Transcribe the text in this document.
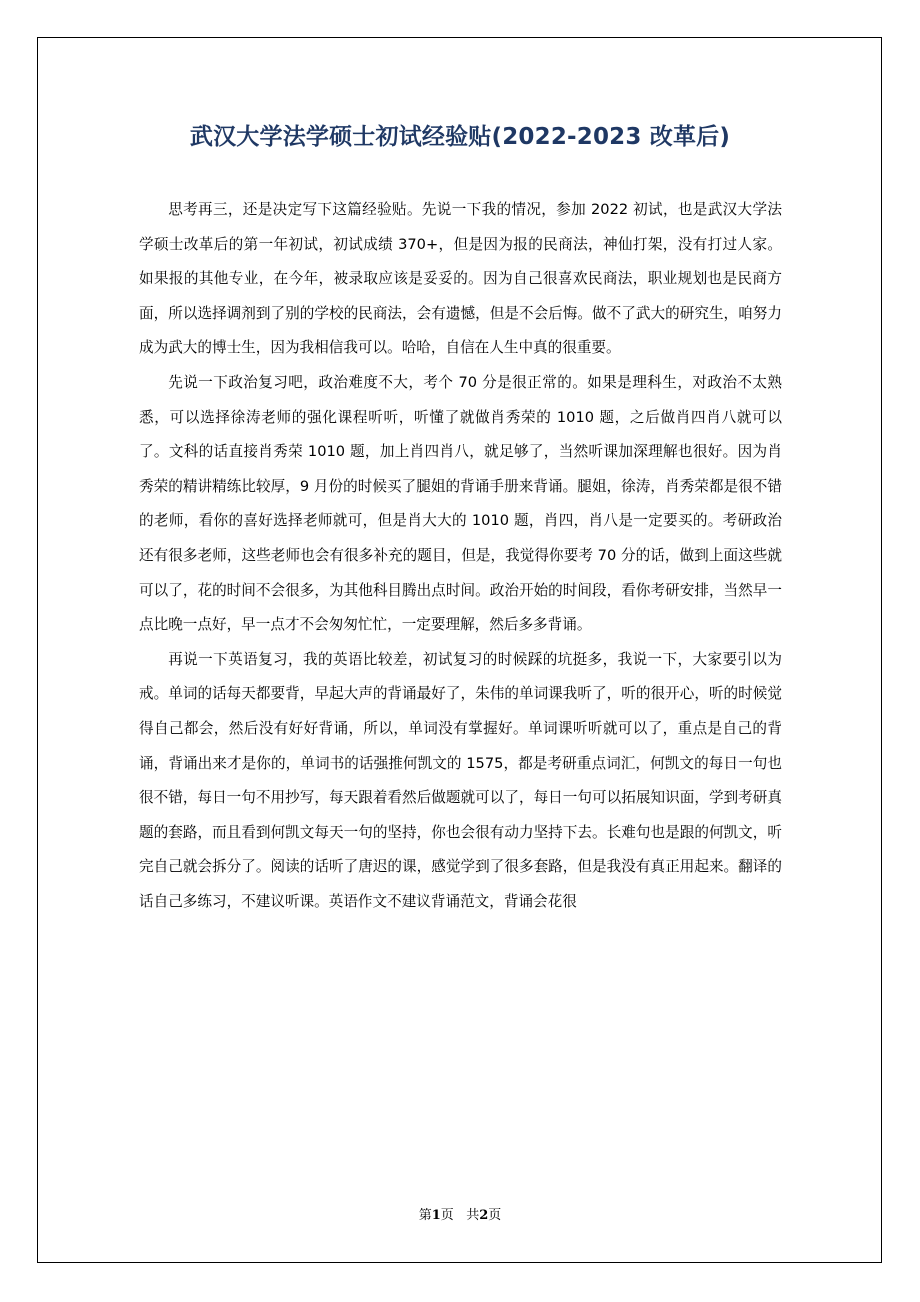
武汉大学法学硕士初试经验贴(2022-2023 改革后)

思考再三，还是决定写下这篇经验贴。先说一下我的情况，参加 2022 初试，也是武汉大学法学硕士改革后的第一年初试，初试成绩 370+，但是因为报的民商法，神仙打架，没有打过人家。如果报的其他专业，在今年，被录取应该是妥妥的。因为自己很喜欢民商法，职业规划也是民商方面，所以选择调剂到了别的学校的民商法，会有遗憾，但是不会后悔。做不了武大的研究生，咱努力成为武大的博士生，因为我相信我可以。哈哈，自信在人生中真的很重要。

先说一下政治复习吧，政治难度不大，考个 70 分是很正常的。如果是理科生，对政治不太熟悉，可以选择徐涛老师的强化课程听听，听懂了就做肖秀荣的 1010 题，之后做肖四肖八就可以了。文科的话直接肖秀荣 1010 题，加上肖四肖八，就足够了，当然听课加深理解也很好。因为肖秀荣的精讲精练比较厚，9 月份的时候买了腿姐的背诵手册来背诵。腿姐，徐涛，肖秀荣都是很不错的老师，看你的喜好选择老师就可，但是肖大大的 1010 题，肖四，肖八是一定要买的。考研政治还有很多老师，这些老师也会有很多补充的题目，但是，我觉得你要考 70 分的话，做到上面这些就可以了，花的时间不会很多，为其他科目腾出点时间。政治开始的时间段，看你考研安排，当然早一点比晚一点好，早一点才不会匆匆忙忙，一定要理解，然后多多背诵。

再说一下英语复习，我的英语比较差，初试复习的时候踩的坑挺多，我说一下，大家要引以为戒。单词的话每天都要背，早起大声的背诵最好了，朱伟的单词课我听了，听的很开心，听的时候觉得自己都会，然后没有好好背诵，所以，单词没有掌握好。单词课听听就可以了，重点是自己的背诵，背诵出来才是你的，单词书的话强推何凯文的 1575，都是考研重点词汇，何凯文的每日一句也很不错，每日一句不用抄写，每天跟着看然后做题就可以了，每日一句可以拓展知识面，学到考研真题的套路，而且看到何凯文每天一句的坚持，你也会很有动力坚持下去。长难句也是跟的何凯文，听完自己就会拆分了。阅读的话听了唐迟的课，感觉学到了很多套路，但是我没有真正用起来。翻译的话自己多练习，不建议听课。英语作文不建议背诵范文，背诵会花很

第1页 共2页
